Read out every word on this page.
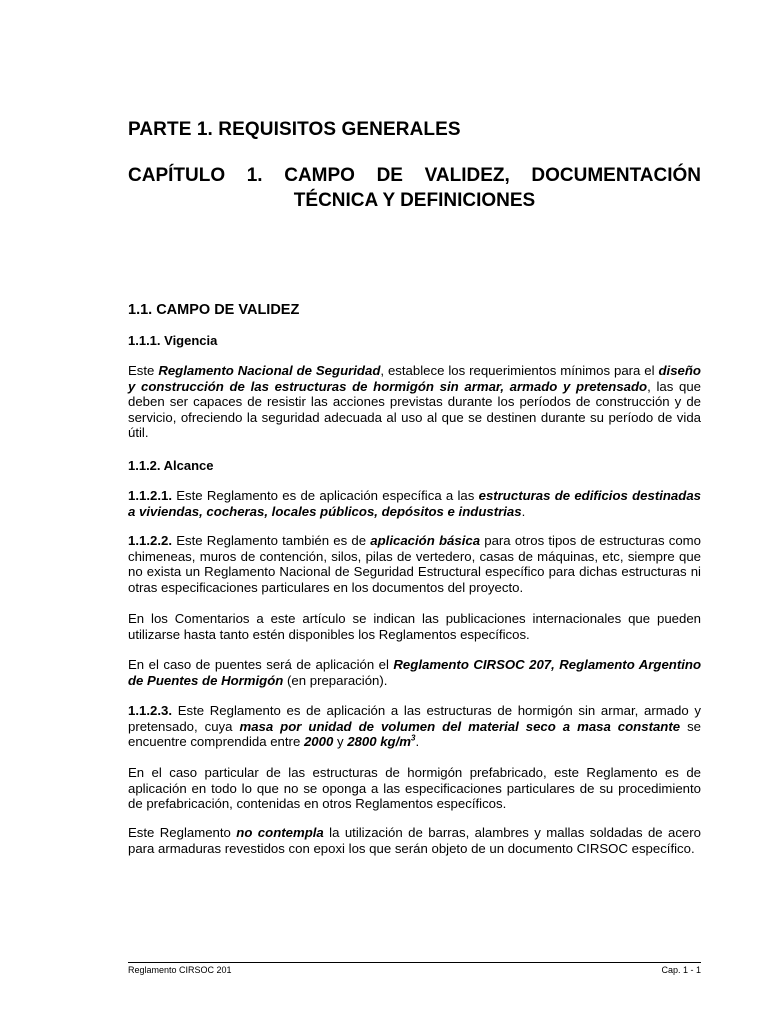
PARTE 1. REQUISITOS GENERALES
CAPÍTULO 1. CAMPO DE VALIDEZ, DOCUMENTACIÓN
TÉCNICA Y DEFINICIONES
1.1. CAMPO DE VALIDEZ
1.1.1. Vigencia

Este Reglamento Nacional de Seguridad, establece los requerimientos mínimos para el diseño y construcción de las estructuras de hormigón sin armar, armado y pretensado, las que deben ser capaces de resistir las acciones previstas durante los períodos de construcción y de servicio, ofreciendo la seguridad adecuada al uso al que se destinen durante su período de vida útil.

1.1.2. Alcance

1.1.2.1. Este Reglamento es de aplicación específica a las estructuras de edificios destinadas a viviendas, cocheras, locales públicos, depósitos e industrias.

1.1.2.2. Este Reglamento también es de aplicación básica para otros tipos de estructuras como chimeneas, muros de contención, silos, pilas de vertedero, casas de máquinas, etc, siempre que no exista un Reglamento Nacional de Seguridad Estructural específico para dichas estructuras ni otras especificaciones particulares en los documentos del proyecto.

En los Comentarios a este artículo se indican las publicaciones internacionales que pueden utilizarse hasta tanto estén disponibles los Reglamentos específicos.

En el caso de puentes será de aplicación el Reglamento CIRSOC 207, Reglamento Argentino de Puentes de Hormigón (en preparación).

1.1.2.3. Este Reglamento es de aplicación a las estructuras de hormigón sin armar, armado y pretensado, cuya masa por unidad de volumen del material seco a masa constante se encuentre comprendida entre 2000 y 2800 $kg/m^3$.

En el caso particular de las estructuras de hormigón prefabricado, este Reglamento es de aplicación en todo lo que no se oponga a las especificaciones particulares de su procedimiento de prefabricación, contenidas en otros Reglamentos específicos.

Este Reglamento no contempla la utilización de barras, alambres y mallas soldadas de acero para armaduras revestidos con epoxi los que serán objeto de un documento CIRSOC específico.

Reglamento CIRSOC 201	Cap. 1 - 1
